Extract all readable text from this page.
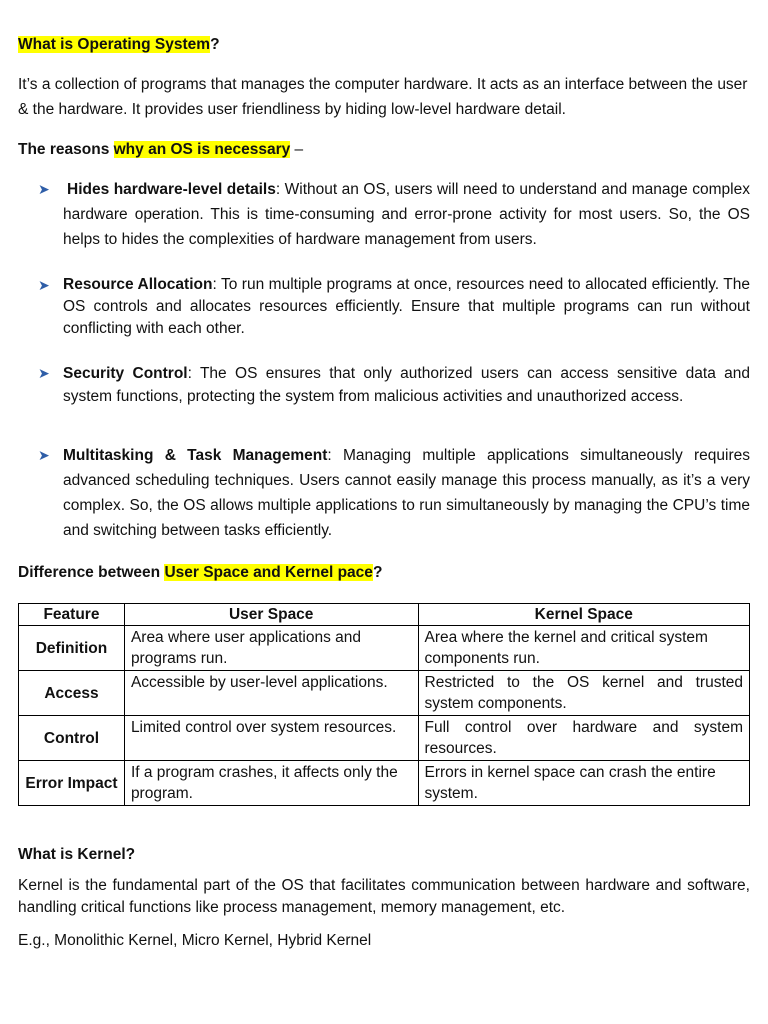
What is Operating System?

It’s a collection of programs that manages the computer hardware. It acts as an interface between the user & the hardware. It provides user friendliness by hiding low-level hardware detail.

The reasons why an OS is necessary –

➤ Hides hardware-level details: Without an OS, users will need to understand and manage complex hardware operation. This is time-consuming and error-prone activity for most users. So, the OS helps to hides the complexities of hardware management from users.
➤ Resource Allocation: To run multiple programs at once, resources need to allocated efficiently. The OS controls and allocates resources efficiently. Ensure that multiple programs can run without conflicting with each other.
➤ Security Control: The OS ensures that only authorized users can access sensitive data and system functions, protecting the system from malicious activities and unauthorized access.
➤ Multitasking & Task Management: Managing multiple applications simultaneously requires advanced scheduling techniques. Users cannot easily manage this process manually, as it’s a very complex. So, the OS allows multiple applications to run simultaneously by managing the CPU’s time and switching between tasks efficiently.

Difference between User Space and Kernel pace?

Feature	User Space	Kernel Space
Definition	Area where user applications and programs run.	Area where the kernel and critical system components run.
Access	Accessible by user-level applications.	Restricted to the OS kernel and trusted system components.
Control	Limited control over system resources.	Full control over hardware and system resources.
Error Impact	If a program crashes, it affects only the program.	Errors in kernel space can crash the entire system.

What is Kernel?

Kernel is the fundamental part of the OS that facilitates communication between hardware and software, handling critical functions like process management, memory management, etc.

E.g., Monolithic Kernel, Micro Kernel, Hybrid Kernel
